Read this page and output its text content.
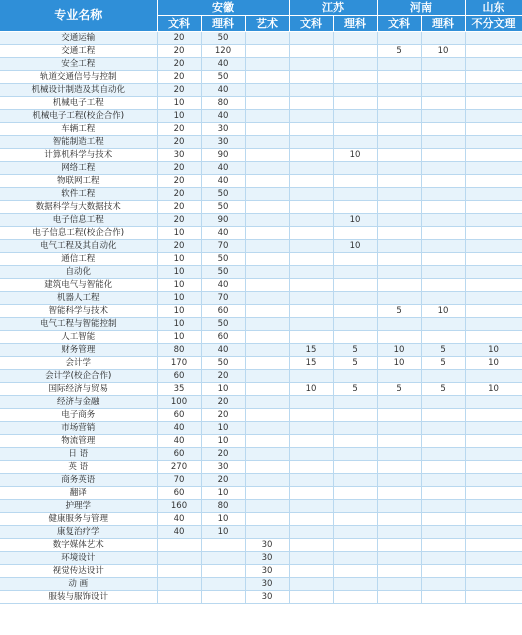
专业名称	安徽			江苏		河南		山东
	文科	理科	艺术	文科	理科	文科	理科	不分文理
交通运输	20	50						
交通工程	20	120				5	10	
安全工程	20	40						
轨道交通信号与控制	20	50						
机械设计制造及其自动化	20	40						
机械电子工程	10	80						
机械电子工程(校企合作)	10	40						
车辆工程	20	30						
智能制造工程	20	30						
计算机科学与技术	30	90			10			
网络工程	20	40						
物联网工程	20	40						
软件工程	20	50						
数据科学与大数据技术	20	50						
电子信息工程	20	90			10			
电子信息工程(校企合作)	10	40						
电气工程及其自动化	20	70			10			
通信工程	10	50						
自动化	10	50						
建筑电气与智能化	10	40						
机器人工程	10	70						
智能科学与技术	10	60				5	10	
电气工程与智能控制	10	50						
人工智能	10	60						
财务管理	80	40		15	5	10	5	10
会计学	170	50		15	5	10	5	10
会计学(校企合作)	60	20						
国际经济与贸易	35	10		10	5	5	5	10
经济与金融	100	20						
电子商务	60	20						
市场营销	40	10						
物流管理	40	10						
日 语	60	20						
英 语	270	30						
商务英语	70	20						
翻译	60	10						
护理学	160	80						
健康服务与管理	40	10						
康复治疗学	40	10						
数字媒体艺术			30					
环境设计			30					
视觉传达设计			30					
动 画			30					
服装与服饰设计			30					
